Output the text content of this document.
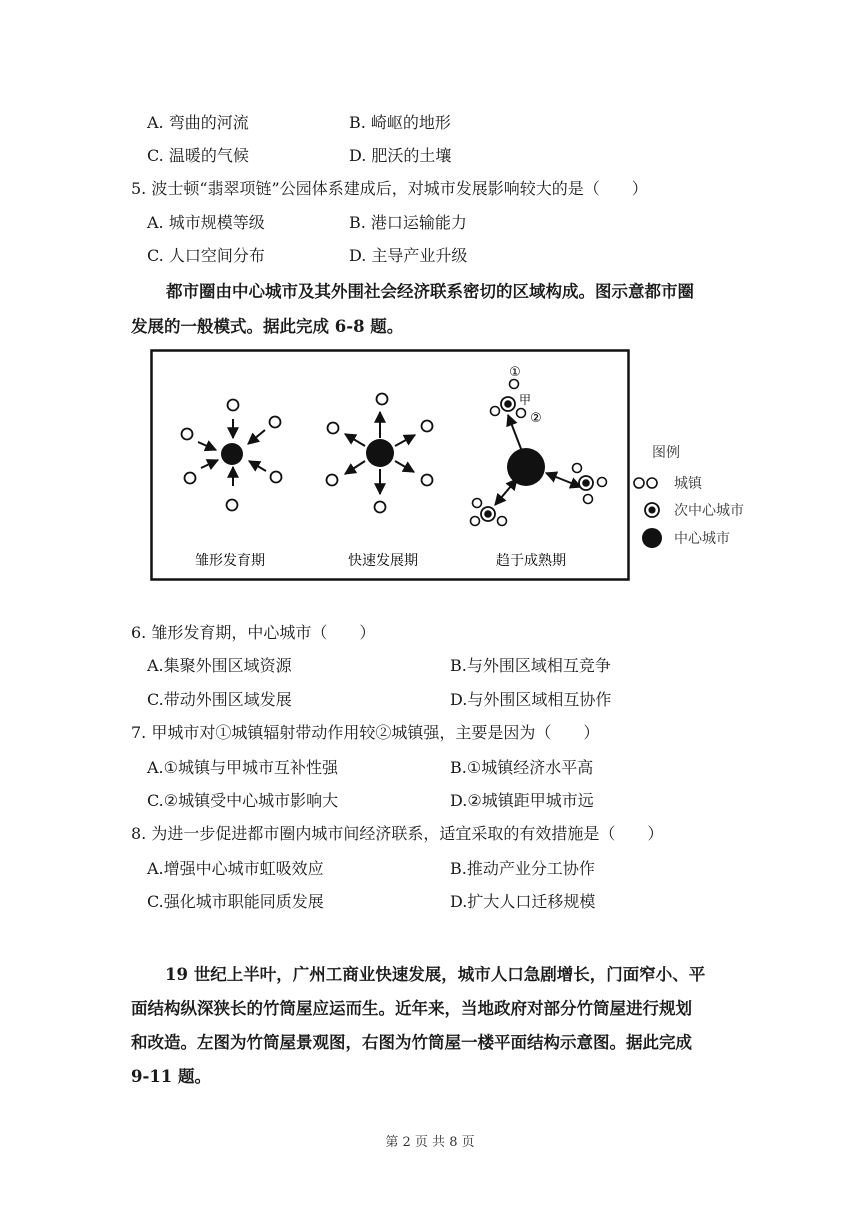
A. 弯曲的河流	B. 崎岖的地形
C. 温暖的气候	D. 肥沃的土壤
5. 波士顿“翡翠项链”公园体系建成后，对城市发展影响较大的是（　　）
A. 城市规模等级	B. 港口运输能力
C. 人口空间分布	D. 主导产业升级
都市圈由中心城市及其外围社会经济联系密切的区域构成。图示意都市圈
发展的一般模式。据此完成 6-8 题。
①
甲
②
雏形发育期	快速发展期	趋于成熟期
图例
城镇
次中心城市
中心城市
6. 雏形发育期，中心城市（　　）
A.集聚外围区域资源	B.与外围区域相互竞争
C.带动外围区域发展	D.与外围区域相互协作
7. 甲城市对①城镇辐射带动作用较②城镇强，主要是因为（　　）
A.①城镇与甲城市互补性强	B.①城镇经济水平高
C.②城镇受中心城市影响大	D.②城镇距甲城市远
8. 为进一步促进都市圈内城市间经济联系，适宜采取的有效措施是（　　）
A.增强中心城市虹吸效应	B.推动产业分工协作
C.强化城市职能同质发展	D.扩大人口迁移规模
19 世纪上半叶，广州工商业快速发展，城市人口急剧增长，门面窄小、平
面结构纵深狭长的竹筒屋应运而生。近年来，当地政府对部分竹筒屋进行规划
和改造。左图为竹筒屋景观图，右图为竹筒屋一楼平面结构示意图。据此完成
9-11 题。
第 2 页 共 8 页
